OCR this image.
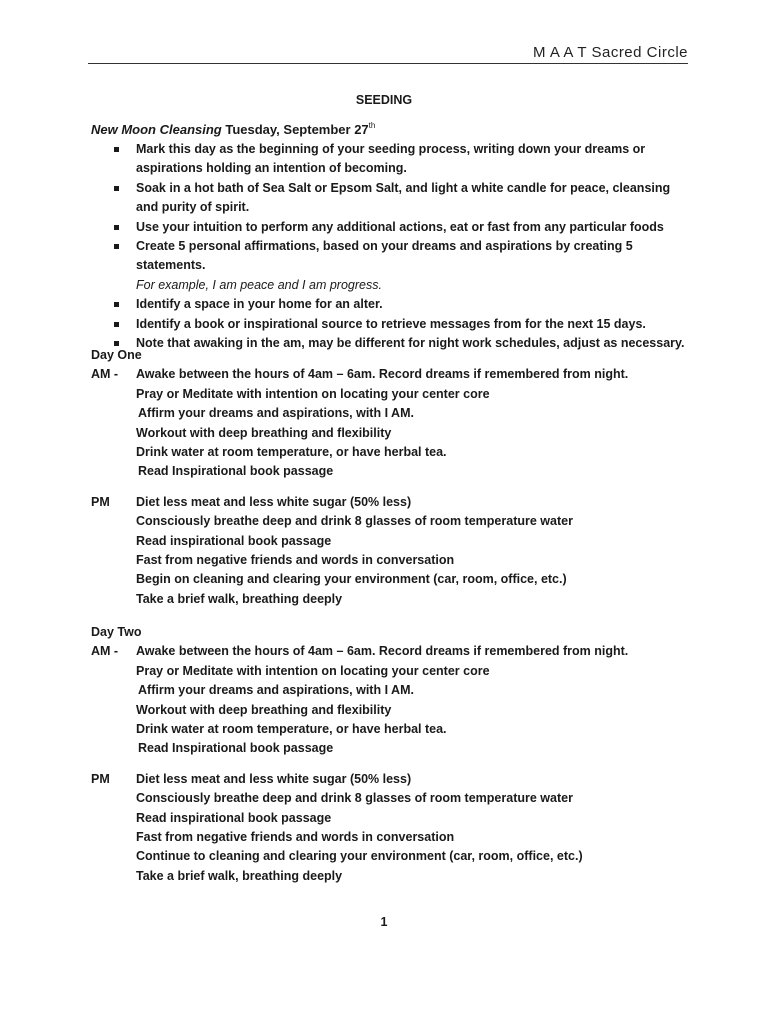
M A A T Sacred Circle
SEEDING
New Moon Cleansing Tuesday, September 27th
Mark this day as the beginning of your seeding process, writing down your dreams or aspirations holding an intention of becoming.
Soak in a hot bath of Sea Salt or Epsom Salt, and light a white candle for peace, cleansing and purity of spirit.
Use your intuition to perform any additional actions, eat or fast from any particular foods
Create 5 personal affirmations, based on your dreams and aspirations by creating 5 statements.
For example, I am peace and I am progress.
Identify a space in your home for an alter.
Identify a book or inspirational source to retrieve messages from for the next 15 days.
Note that awaking in the am, may be different for night work schedules, adjust as necessary.
Day One
AM -	Awake between the hours of 4am – 6am. Record dreams if remembered from night.
Pray or Meditate with intention on locating your center core
Affirm your dreams and aspirations, with I AM.
Workout with deep breathing and flexibility
Drink water at room temperature, or have herbal tea.
Read Inspirational book passage
PM	Diet less meat and less white sugar (50% less)
Consciously breathe deep and drink 8 glasses of room temperature water
Read inspirational book passage
Fast from negative friends and words in conversation
Begin on cleaning and clearing your environment (car, room, office, etc.)
Take a brief walk, breathing deeply
Day Two
AM -	Awake between the hours of 4am – 6am. Record dreams if remembered from night.
Pray or Meditate with intention on locating your center core
Affirm your dreams and aspirations, with I AM.
Workout with deep breathing and flexibility
Drink water at room temperature, or have herbal tea.
Read Inspirational book passage
PM	Diet less meat and less white sugar (50% less)
Consciously breathe deep and drink 8 glasses of room temperature water
Read inspirational book passage
Fast from negative friends and words in conversation
Continue to cleaning and clearing your environment (car, room, office, etc.)
Take a brief walk, breathing deeply
1
